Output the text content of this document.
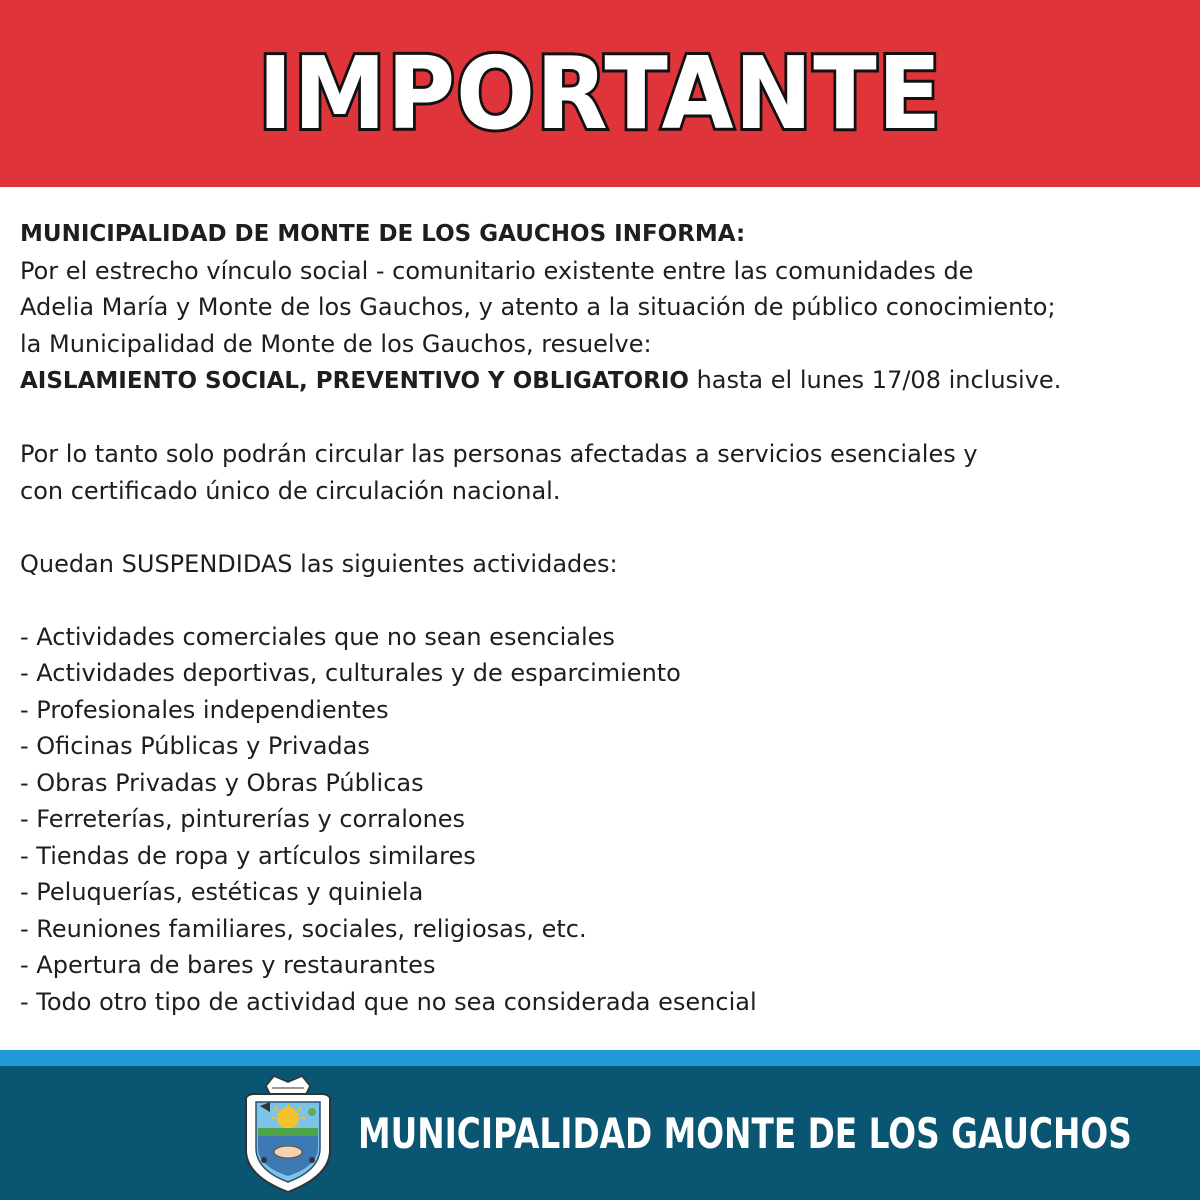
IMPORTANTE

MUNICIPALIDAD DE MONTE DE LOS GAUCHOS INFORMA:

Por el estrecho vínculo social - comunitario existente entre las comunidades de

Adelia María y Monte de los Gauchos, y atento a la situación de público conocimiento;

la Municipalidad de Monte de los Gauchos, resuelve:

AISLAMIENTO SOCIAL, PREVENTIVO Y OBLIGATORIO hasta el lunes 17/08 inclusive.

Por lo tanto solo podrán circular las personas afectadas a servicios esenciales y

con certificado único de circulación nacional.

Quedan SUSPENDIDAS las siguientes actividades:

- Actividades comerciales que no sean esenciales
- Actividades deportivas, culturales y de esparcimiento
- Profesionales independientes
- Oficinas Públicas y Privadas
- Obras Privadas y Obras Públicas
- Ferreterías, pinturerías y corralones
- Tiendas de ropa y artículos similares
- Peluquerías, estéticas y quiniela
- Reuniones familiares, sociales, religiosas, etc.
- Apertura de bares y restaurantes
- Todo otro tipo de actividad que no sea considerada esencial
MUNICIPALIDAD MONTE DE LOS GAUCHOS
